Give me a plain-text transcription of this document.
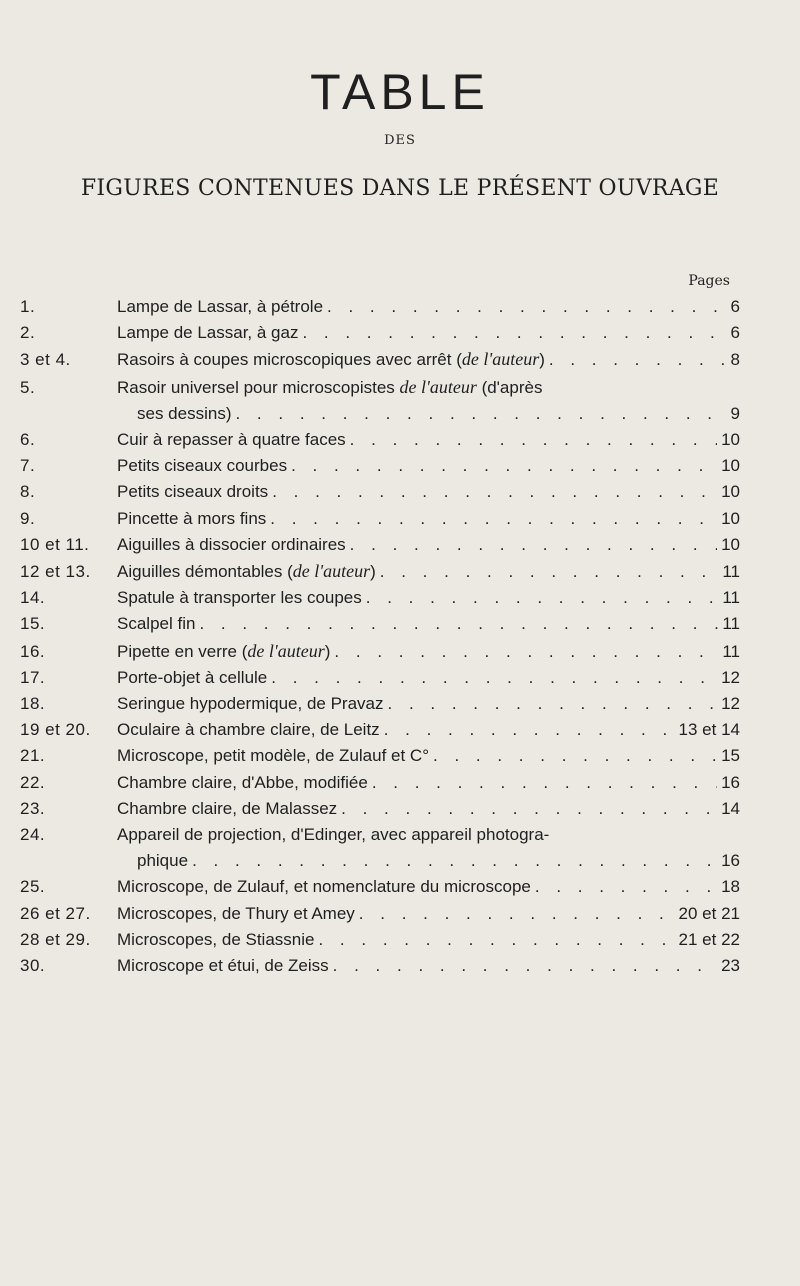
TABLE
DES
FIGURES CONTENUES DANS LE PRÉSENT OUVRAGE
Pages
1.	Lampe de Lassar, à pétrole . . .	6
2.	Lampe de Lassar, à gaz . . .	6
3 et 4.	Rasoirs à coupes microscopiques avec arrêt (de l'auteur) . . .	8
5.	Rasoir universel pour microscopistes de l'auteur (d'après
ses dessins) . . .	9
6.	Cuir à repasser à quatre faces . . .	10
7.	Petits ciseaux courbes . . .	10
8.	Petits ciseaux droits . . .	10
9.	Pincette à mors fins . . .	10
10 et 11.	Aiguilles à dissocier ordinaires . . .	10
12 et 13.	Aiguilles démontables (de l'auteur) . . .	11
14.	Spatule à transporter les coupes . . .	11
15.	Scalpel fin . . .	11
16.	Pipette en verre (de l'auteur) . . .	11
17.	Porte-objet à cellule . . .	12
18.	Seringue hypodermique, de Pravaz . . .	12
19 et 20.	Oculaire à chambre claire, de Leitz . . .	13 et 14
21.	Microscope, petit modèle, de Zulauf et C° . . .	15
22.	Chambre claire, d'Abbe, modifiée . . .	16
23.	Chambre claire, de Malassez . . .	14
24.	Appareil de projection, d'Edinger, avec appareil photogra-
phique . . .	16
25.	Microscope, de Zulauf, et nomenclature du microscope . . .	18
26 et 27.	Microscopes, de Thury et Amey . . .	20 et 21
28 et 29.	Microscopes, de Stiassnie . . .	21 et 22
30.	Microscope et étui, de Zeiss . . .	23
